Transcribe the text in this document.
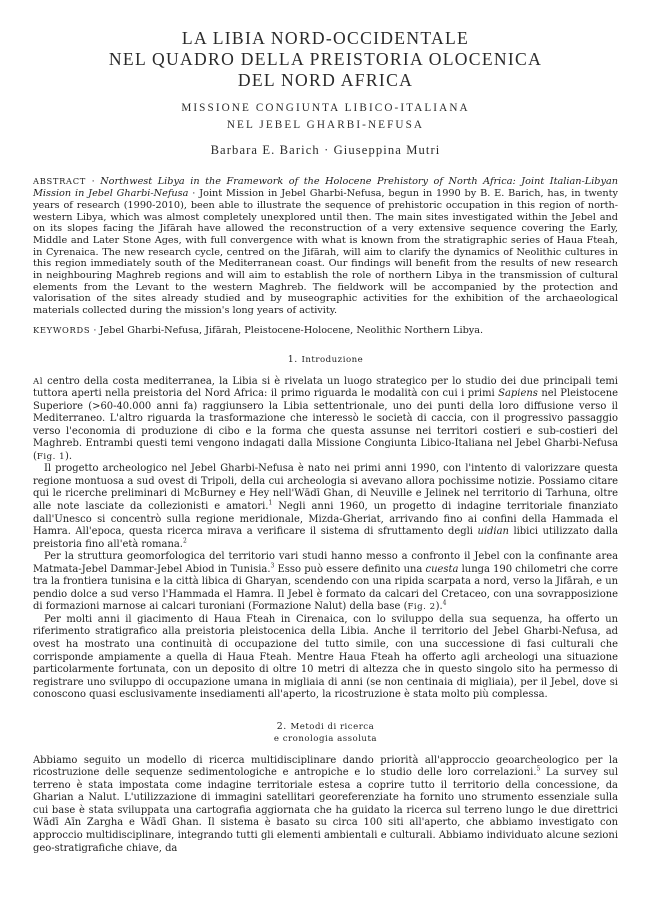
LA LIBIA NORD-OCCIDENTALE
NEL QUADRO DELLA PREISTORIA OLOCENICA
DEL NORD AFRICA
MISSIONE CONGIUNTA LIBICO-ITALIANA
NEL JEBEL GHARBI-NEFUSA
Barbara E. Barich · Giuseppina Mutri
ABSTRACT · Northwest Libya in the Framework of the Holocene Prehistory of North Africa: Joint Italian-Libyan Mission in Jebel Gharbi-Nefusa · Joint Mission in Jebel Gharbi-Nefusa, begun in 1990 by B. E. Barich, has, in twenty years of research (1990-2010), been able to illustrate the sequence of prehistoric occupation in this region of north-western Libya, which was almost completely unexplored until then. The main sites investigated within the Jebel and on its slopes facing the Jifārah have allowed the reconstruction of a very extensive sequence covering the Early, Middle and Later Stone Ages, with full convergence with what is known from the stratigraphic series of Haua Fteah, in Cyrenaica. The new research cycle, centred on the Jifārah, will aim to clarify the dynamics of Neolithic cultures in this region immediately south of the Mediterranean coast. Our findings will benefit from the results of new research in neighbouring Maghreb regions and will aim to establish the role of northern Libya in the transmission of cultural elements from the Levant to the western Maghreb. The fieldwork will be accompanied by the protection and valorisation of the sites already studied and by museographic activities for the exhibition of the archaeological materials collected during the mission's long years of activity.
KEYWORDS · Jebel Gharbi-Nefusa, Jifārah, Pleistocene-Holocene, Neolithic Northern Libya.
1. Introduzione

Al centro della costa mediterranea, la Libia si è rivelata un luogo strategico per lo studio dei due principali temi tuttora aperti nella preistoria del Nord Africa: il primo riguarda le modalità con cui i primi Sapiens nel Pleistocene Superiore (>60-40.000 anni fa) raggiunsero la Libia settentrionale, uno dei punti della loro diffusione verso il Mediterraneo. L'altro riguarda la trasformazione che interessò le società di caccia, con il progressivo passaggio verso l'economia di produzione di cibo e la forma che questa assunse nei territori costieri e sub-costieri del Maghreb. Entrambi questi temi vengono indagati dalla Missione Congiunta Libico-Italiana nel Jebel Gharbi-Nefusa (Fig. 1).

Il progetto archeologico nel Jebel Gharbi-Nefusa è nato nei primi anni 1990, con l'intento di valorizzare questa regione montuosa a sud ovest di Tripoli, della cui archeologia si avevano allora pochissime notizie. Possiamo citare qui le ricerche preliminari di McBurney e Hey nell'Wādī Ghan, di Neuville e Jelinek nel territorio di Tarhuna, oltre alle note lasciate da collezionisti e amatori.$^1$ Negli anni 1960, un progetto di indagine territoriale finanziato dall'Unesco si concentrò sulla regione meridionale, Mizda-Gheriat, arrivando fino ai confini della Hammada el Hamra. All'epoca, questa ricerca mirava a verificare il sistema di sfruttamento degli uidian libici utilizzato dalla preistoria fino all'età romana.$^2$

Per la struttura geomorfologica del territorio vari studi hanno messo a confronto il Jebel con la confinante area Matmata-Jebel Dammar-Jebel Abiod in Tunisia.$^3$ Esso può essere definito una cuesta lunga 190 chilometri che corre tra la frontiera tunisina e la città libica di Gharyan, scendendo con una ripida scarpata a nord, verso la Jifārah, e un pendio dolce a sud verso l'Hammada el Hamra. Il Jebel è formato da calcari del Cretaceo, con una sovrapposizione di formazioni marnose ai calcari turoniani (Formazione Nalut) della base (Fig. 2).$^4$

Per molti anni il giacimento di Haua Fteah in Cirenaica, con lo sviluppo della sua sequenza, ha offerto un riferimento stratigrafico alla preistoria pleistocenica della Libia. Anche il territorio del Jebel Gharbi-Nefusa, ad ovest ha mostrato una continuità di occupazione del tutto simile, con una successione di fasi culturali che corrisponde ampiamente a quella di Haua Fteah. Mentre Haua Fteah ha offerto agli archeologi una situazione particolarmente fortunata, con un deposito di oltre 10 metri di altezza che in questo singolo sito ha permesso di registrare uno sviluppo di occupazione umana in migliaia di anni (se non centinaia di migliaia), per il Jebel, dove si conoscono quasi esclusivamente insediamenti all'aperto, la ricostruzione è stata molto più complessa.

2. Metodi di ricerca
e cronologia assoluta

Abbiamo seguito un modello di ricerca multidisciplinare dando priorità all'approccio geoarcheologico per la ricostruzione delle sequenze sedimentologiche e antropiche e lo studio delle loro correlazioni.$^5$ La survey sul terreno è stata impostata come indagine territoriale estesa a coprire tutto il territorio della concessione, da Gharian a Nalut. L'utilizzazione di immagini satellitari georeferenziate ha fornito uno strumento essenziale sulla cui base è stata sviluppata una cartografia aggiornata che ha guidato la ricerca sul terreno lungo le due direttrici Wādī Aīn Zargha e Wādī Ghan. Il sistema è basato su circa 100 siti all'aperto, che abbiamo investigato con approccio multidisciplinare, integrando tutti gli elementi ambientali e culturali. Abbiamo individuato alcune sezioni geo-stratigrafiche chiave, da
